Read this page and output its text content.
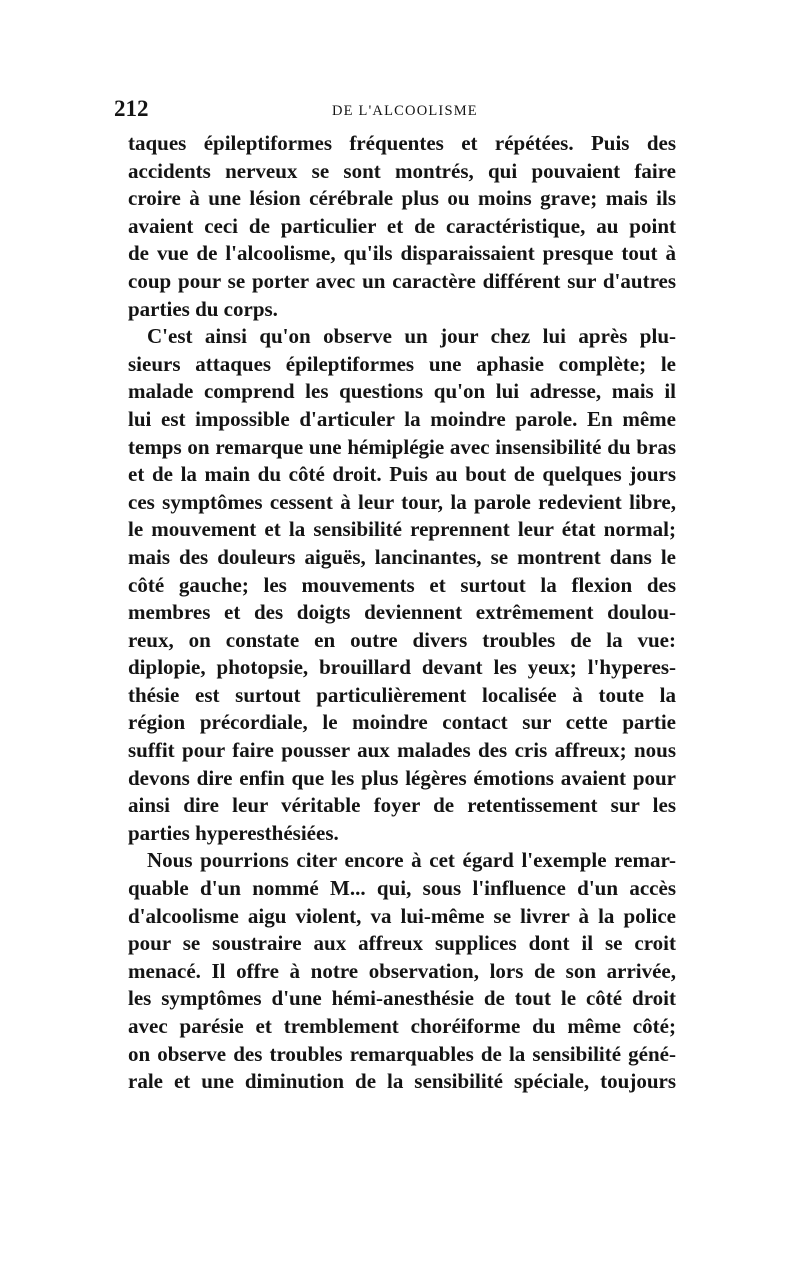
212	DE L'ALCOOLISME
taques épileptiformes fréquentes et répétées. Puis des
accidents nerveux se sont montrés, qui pouvaient faire
croire à une lésion cérébrale plus ou moins grave; mais ils
avaient ceci de particulier et de caractéristique, au point
de vue de l'alcoolisme, qu'ils disparaissaient presque tout à
coup pour se porter avec un caractère différent sur d'autres
parties du corps.
C'est ainsi qu'on observe un jour chez lui après plu-
sieurs attaques épileptiformes une aphasie complète; le
malade comprend les questions qu'on lui adresse, mais il
lui est impossible d'articuler la moindre parole. En même
temps on remarque une hémiplégie avec insensibilité du bras
et de la main du côté droit. Puis au bout de quelques jours
ces symptômes cessent à leur tour, la parole redevient libre,
le mouvement et la sensibilité reprennent leur état normal;
mais des douleurs aiguës, lancinantes, se montrent dans le
côté gauche; les mouvements et surtout la flexion des
membres et des doigts deviennent extrêmement doulou-
reux, on constate en outre divers troubles de la vue:
diplopie, photopsie, brouillard devant les yeux; l'hyperes-
thésie est surtout particulièrement localisée à toute la
région précordiale, le moindre contact sur cette partie
suffit pour faire pousser aux malades des cris affreux; nous
devons dire enfin que les plus légères émotions avaient pour
ainsi dire leur véritable foyer de retentissement sur les
parties hyperesthésiées.
Nous pourrions citer encore à cet égard l'exemple remar-
quable d'un nommé M... qui, sous l'influence d'un accès
d'alcoolisme aigu violent, va lui-même se livrer à la police
pour se soustraire aux affreux supplices dont il se croit
menacé. Il offre à notre observation, lors de son arrivée,
les symptômes d'une hémi-anesthésie de tout le côté droit
avec parésie et tremblement choréiforme du même côté;
on observe des troubles remarquables de la sensibilité géné-
rale et une diminution de la sensibilité spéciale, toujours
